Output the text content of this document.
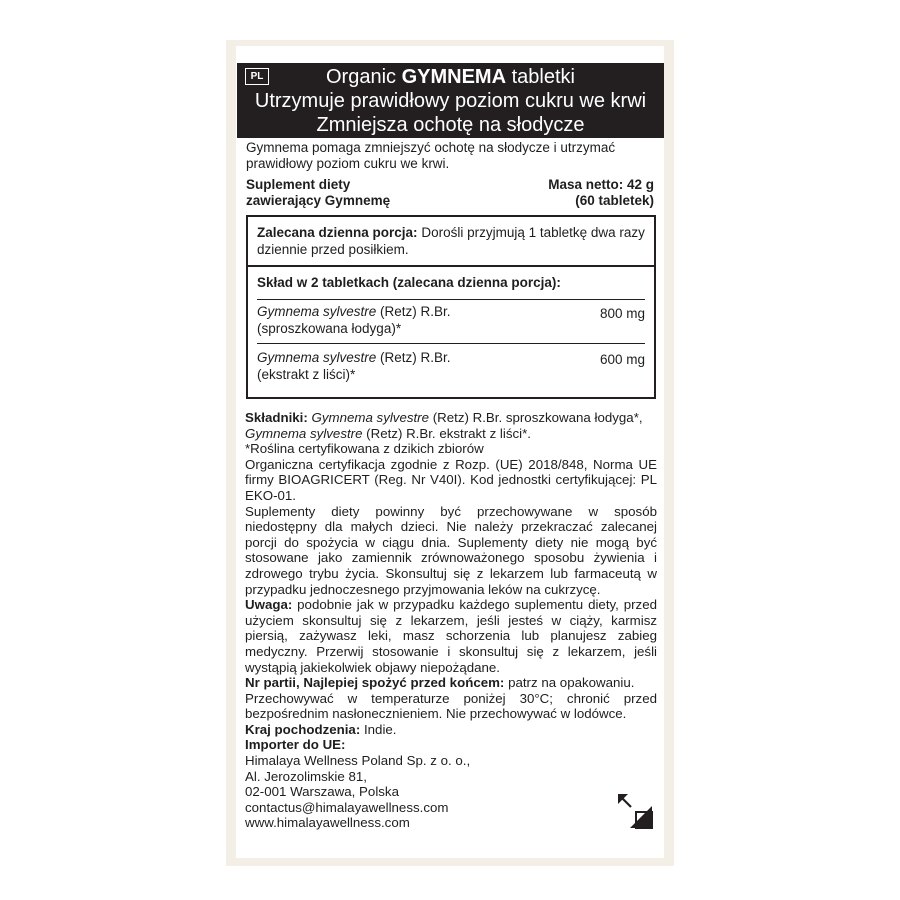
PL	Organic GYMNEMA tabletki
Utrzymuje prawidłowy poziom cukru we krwi
Zmniejsza ochotę na słodycze
Gymnema pomaga zmniejszyć ochotę na słodycze i utrzymać prawidłowy poziom cukru we krwi.
Suplement diety
zawierający Gymnemę
Masa netto: 42 g
(60 tabletek)
Zalecana dzienna porcja: Dorośli przyjmują 1 tabletkę dwa razy dziennie przed posiłkiem.
Skład w 2 tabletkach (zalecana dzienna porcja):
Gymnema sylvestre (Retz) R.Br.
(sproszkowana łodyga)*
800 mg
Gymnema sylvestre (Retz) R.Br.
(ekstrakt z liści)*
600 mg

Składniki: Gymnema sylvestre (Retz) R.Br. sproszkowana łodyga*,
Gymnema sylvestre (Retz) R.Br. ekstrakt z liści*.

*Roślina certyfikowana z dzikich zbiorów

Organiczna certyfikacja zgodnie z Rozp. (UE) 2018/848, Norma UE firmy BIOAGRICERT (Reg. Nr V40I). Kod jednostki certyfikującej: PL EKO-01.

Suplementy diety powinny być przechowywane w sposób niedostępny dla małych dzieci. Nie należy przekraczać zalecanej porcji do spożycia w ciągu dnia. Suplementy diety nie mogą być stosowane jako zamiennik zrównoważonego sposobu żywienia i zdrowego trybu życia. Skonsultuj się z lekarzem lub farmaceutą w przypadku jednoczesnego przyjmowania leków na cukrzycę.

Uwaga: podobnie jak w przypadku każdego suplementu diety, przed użyciem skonsultuj się z lekarzem, jeśli jesteś w ciąży, karmisz piersią, zażywasz leki, masz schorzenia lub planujesz zabieg medyczny. Przerwij stosowanie i skonsultuj się z lekarzem, jeśli wystąpią jakiekolwiek objawy niepożądane.

Nr partii, Najlepiej spożyć przed końcem: patrz na opakowaniu.

Przechowywać w temperaturze poniżej 30°C; chronić przed bezpośrednim nasłonecznieniem. Nie przechowywać w lodówce.

Kraj pochodzenia: Indie.

Importer do UE:

Himalaya Wellness Poland Sp. z o. o.,

Al. Jerozolimskie 81,

02-001 Warszawa, Polska

contactus@himalayawellness.com

www.himalayawellness.com
